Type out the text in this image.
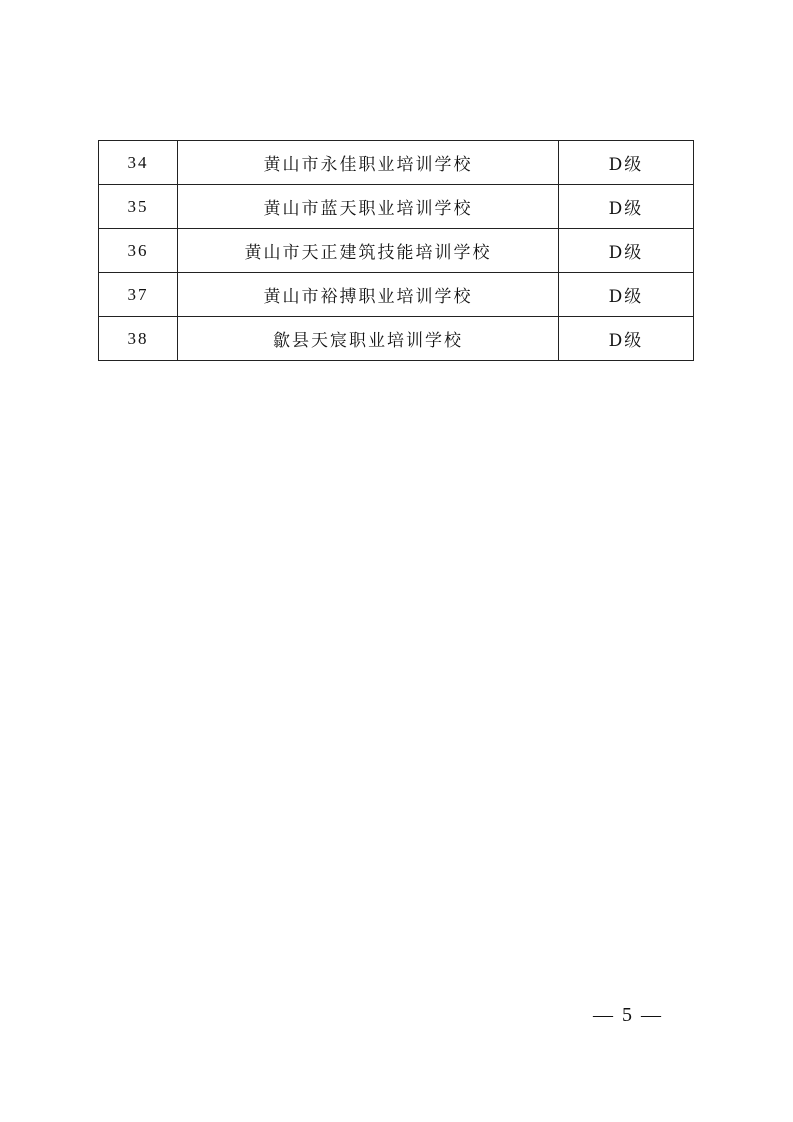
34	黄山市永佳职业培训学校	D级
35	黄山市蓝天职业培训学校	D级
36	黄山市天正建筑技能培训学校	D级
37	黄山市裕搏职业培训学校	D级
38	歙县天宸职业培训学校	D级
— 5 —
